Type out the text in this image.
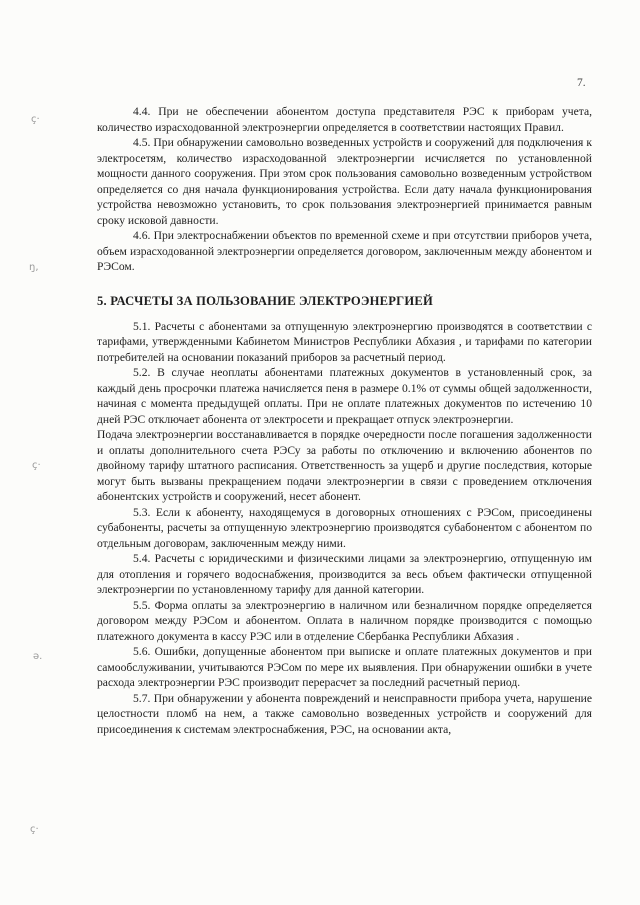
7.
ç·
ŋ,
ç·
ə.
ç·

4.4. При не обеспечении абонентом доступа представителя РЭС к приборам учета, количество израсходованной электроэнергии определяется в соответствии настоящих Правил.

4.5. При обнаружении самовольно возведенных устройств и сооружений для подключения к электросетям, количество израсходованной электроэнергии исчисляется по установленной мощности данного сооружения. При этом срок пользования самовольно возведенным устройством определяется со дня начала функционирования устройства. Если дату начала функционирования устройства невозможно установить, то срок пользования электроэнергией принимается равным сроку исковой давности.

4.6. При электроснабжении объектов по временной схеме и при отсутствии приборов учета, объем израсходованной электроэнергии определяется договором, заключенным между абонентом и РЭСом.

5. РАСЧЕТЫ ЗА ПОЛЬЗОВАНИЕ ЭЛЕКТРОЭНЕРГИЕЙ

5.1. Расчеты с абонентами за отпущенную электроэнергию производятся в соответствии с тарифами, утвержденными Кабинетом Министров Республики Абхазия , и тарифами по категории потребителей на основании показаний приборов за расчетный период.

5.2. В случае неоплаты абонентами платежных документов в установленный срок, за каждый день просрочки платежа начисляется пеня в размере 0.1% от суммы общей задолженности, начиная с момента предыдущей оплаты. При не оплате платежных документов по истечению 10 дней РЭС отключает абонента от электросети и прекращает отпуск электроэнергии.

Подача электроэнергии восстанавливается в порядке очередности после погашения задолженности и оплаты дополнительного счета РЭСу за работы по отключению и включению абонентов по двойному тарифу штатного расписания. Ответственность за ущерб и другие последствия, которые могут быть вызваны прекращением подачи электроэнергии в связи с проведением отключения абонентских устройств и сооружений, несет абонент.

5.3. Если к абоненту, находящемуся в договорных отношениях с РЭСом, присоединены субабоненты, расчеты за отпущенную электроэнергию производятся субабонентом с абонентом по отдельным договорам, заключенным между ними.

5.4. Расчеты с юридическими и физическими лицами за электроэнергию, отпущенную им для отопления и горячего водоснабжения, производится за весь объем фактически отпущенной электроэнергии по установленному тарифу для данной категории.

5.5. Форма оплаты за электроэнергию в наличном или безналичном порядке определяется договором между РЭСом и абонентом. Оплата в наличном порядке производится с помощью платежного документа в кассу РЭС или в отделение Сбербанка Республики Абхазия .

5.6. Ошибки, допущенные абонентом при выписке и оплате платежных документов и при самообслуживании, учитываются РЭСом по мере их выявления. При обнаружении ошибки в учете расхода электроэнергии РЭС производит перерасчет за последний расчетный период.

5.7. При обнаружении у абонента повреждений и неисправности прибора учета, нарушение целостности пломб на нем, а также самовольно возведенных устройств и сооружений для присоединения к системам электроснабжения, РЭС, на основании акта,
